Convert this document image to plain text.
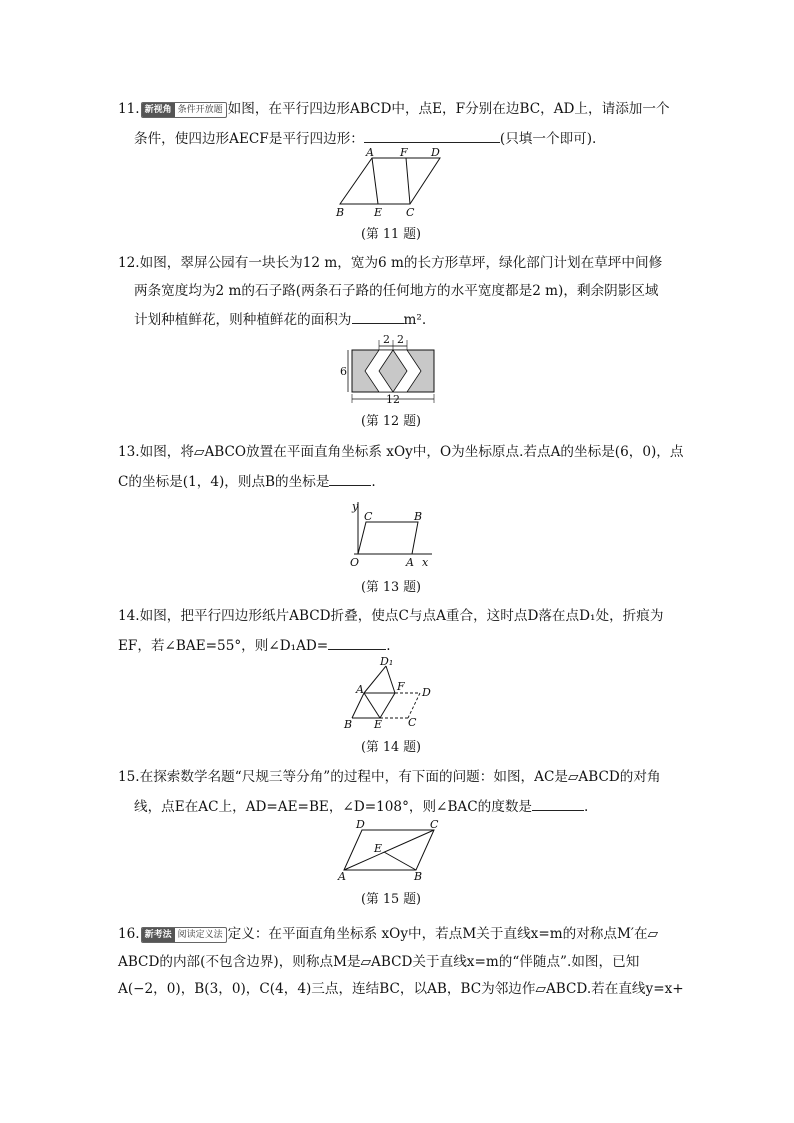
11. 新视角 条件开放题 如图，在平行四边形ABCD中，点E，F分别在边BC，AD上，请添加一个
条件，使四边形AECF是平行四边形：	(只填一个即可).
A F D
B	E C
(第 11 题)
12.如图，翠屏公园有一块长为12 m，宽为6 m的长方形草坪，绿化部门计划在草坪中间修
两条宽度均为2 m的石子路(两条石子路的任何地方的水平宽度都是2 m)，剩余阴影区域
计划种植鲜花，则种植鲜花的面积为	m².
2 2
6
12
(第 12 题)
13.如图，将▱ABCO放置在平面直角坐标系 xOy中，O为坐标原点.若点A的坐标是(6，0)，点
C的坐标是(1，4)，则点B的坐标是	.
y
x
O	A
B
C
(第 13 题)
14.如图，把平行四边形纸片ABCD折叠，使点C与点A重合，这时点D落在点D₁处，折痕为
EF，若∠BAE=55°，则∠D₁AD=	.
D₁
A	F D
B E C
(第 14 题)
15.在探索数学名题“尺规三等分角”的过程中，有下面的问题：如图，AC是▱ABCD的对角
线，点E在AC上，AD=AE=BE，∠D=108°，则∠BAC的度数是	.
D	C
E
A	B
(第 15 题)
16. 新考法 阅读定义法 定义：在平面直角坐标系 xOy中，若点M关于直线x=m的对称点M′在▱
ABCD的内部(不包含边界)，则称点M是▱ABCD关于直线x=m的“伴随点”.如图，已知
A(−2，0)，B(3，0)，C(4，4)三点，连结BC，以AB，BC为邻边作▱ABCD.若在直线y=x+
